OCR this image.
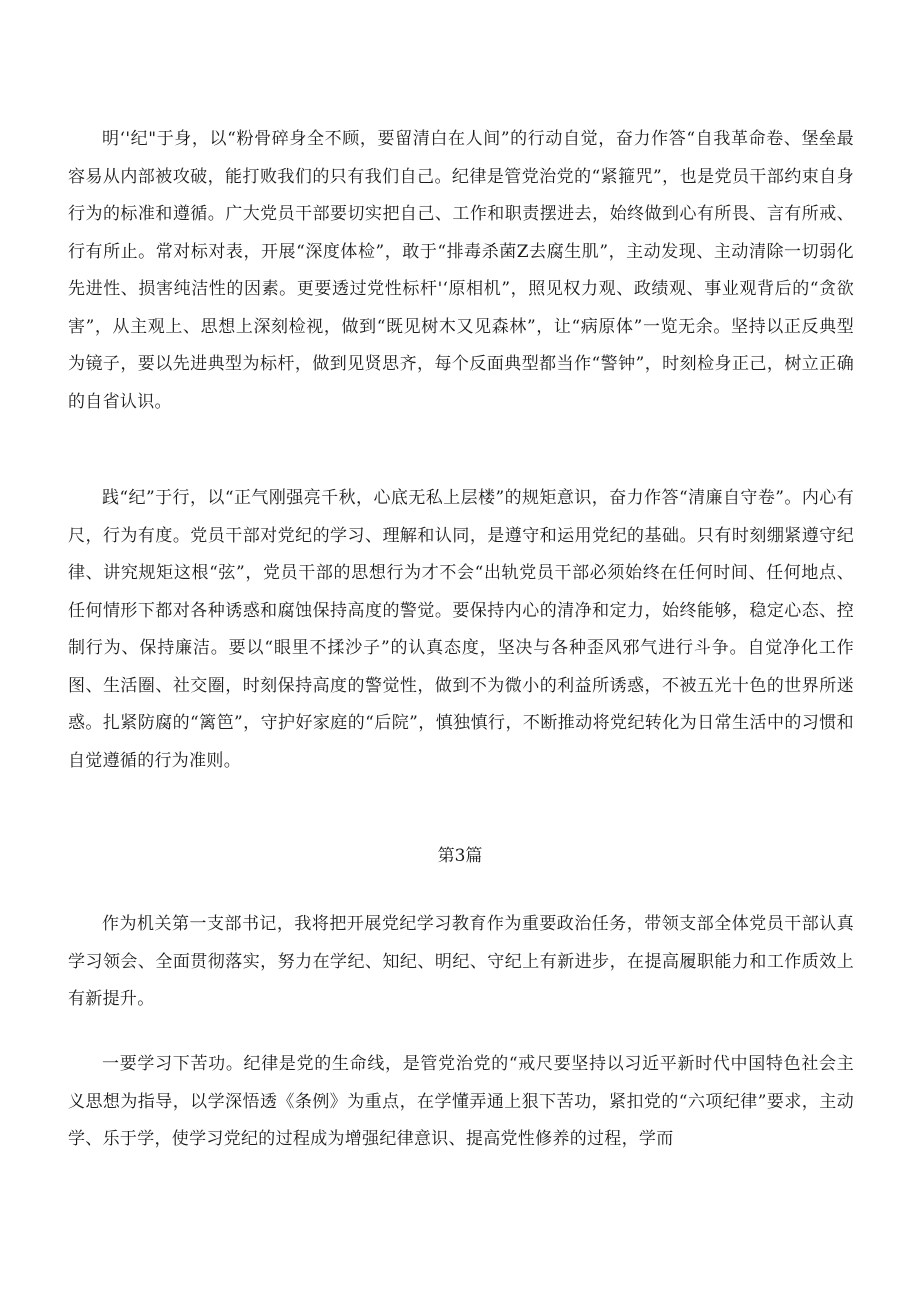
明‘'纪"于身，以“粉骨碎身全不顾，要留清白在人间”的行动自觉，奋力作答“自我革命卷、堡垒最容易从内部被攻破，能打败我们的只有我们自己。纪律是管党治党的“紧箍咒”，也是党员干部约束自身行为的标准和遵循。广大党员干部要切实把自己、工作和职责摆进去，始终做到心有所畏、言有所戒、行有所止。常对标对表，开展“深度体检”，敢于“排毒杀菌Z去腐生肌”，主动发现、主动清除一切弱化先进性、损害纯洁性的因素。更要透过党性标杆'‘原相机”，照见权力观、政绩观、事业观背后的“贪欲害”，从主观上、思想上深刻检视，做到“既见树木又见森林”，让“病原体”一览无余。坚持以正反典型为镜子，要以先进典型为标杆，做到见贤思齐，每个反面典型都当作“警钟”，时刻检身正己，树立正确的自省认识。

践“纪”于行，以“正气刚强亮千秋，心底无私上层楼”的规矩意识，奋力作答“清廉自守卷”。内心有尺，行为有度。党员干部对党纪的学习、理解和认同，是遵守和运用党纪的基础。只有时刻绷紧遵守纪律、讲究规矩这根“弦”，党员干部的思想行为才不会“出轨党员干部必须始终在任何时间、任何地点、任何情形下都对各种诱惑和腐蚀保持高度的警觉。要保持内心的清净和定力，始终能够，稳定心态、控制行为、保持廉洁。要以“眼里不揉沙子”的认真态度，坚决与各种歪风邪气进行斗争。自觉净化工作图、生活圈、社交圈，时刻保持高度的警觉性，做到不为微小的利益所诱惑，不被五光十色的世界所迷惑。扎紧防腐的“篱笆”，守护好家庭的“后院”，慎独慎行，不断推动将党纪转化为日常生活中的习惯和自觉遵循的行为准则。

第3篇

作为机关第一支部书记，我将把开展党纪学习教育作为重要政治任务，带领支部全体党员干部认真学习领会、全面贯彻落实，努力在学纪、知纪、明纪、守纪上有新进步，在提高履职能力和工作质效上有新提升。

一要学习下苦功。纪律是党的生命线，是管党治党的“戒尺要坚持以习近平新时代中国特色社会主义思想为指导，以学深悟透《条例》为重点，在学懂弄通上狠下苦功，紧扣党的“六项纪律”要求，主动学、乐于学，使学习党纪的过程成为增强纪律意识、提高党性修养的过程，学而
